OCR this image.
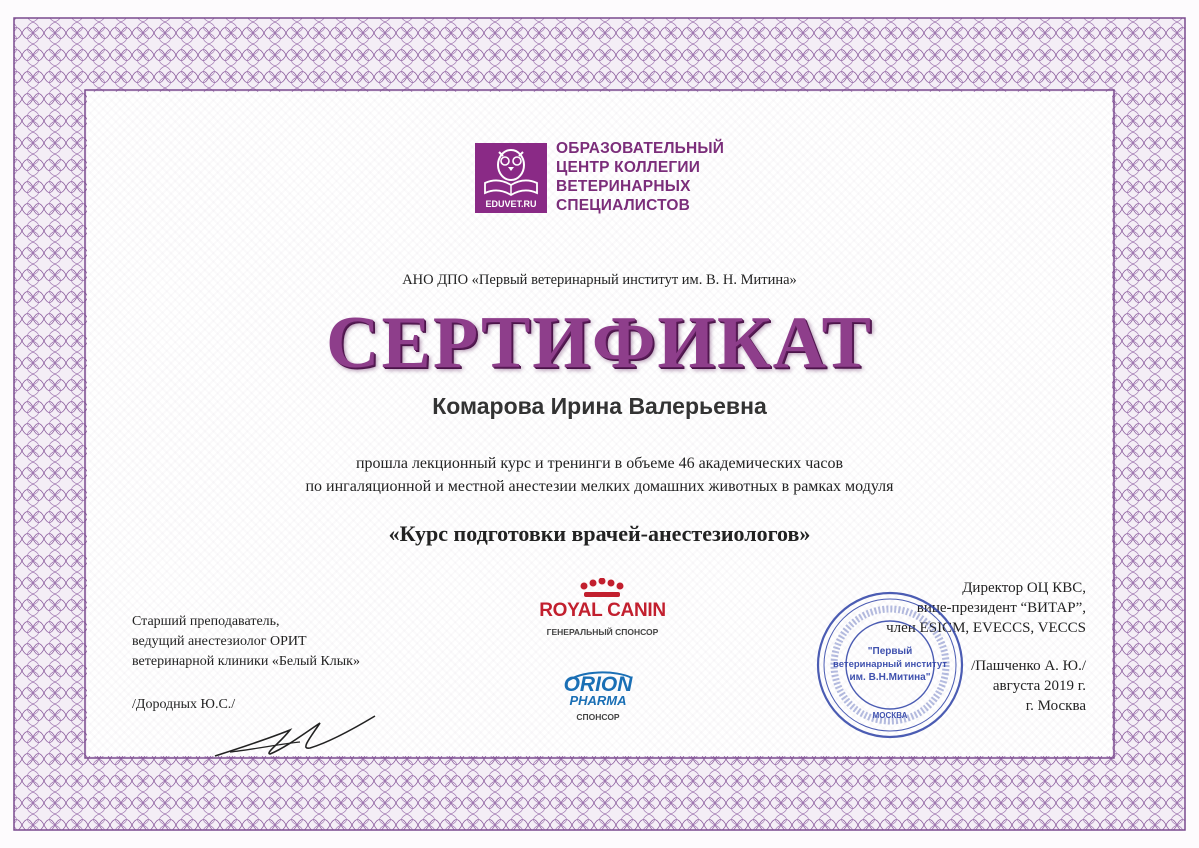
EDUVET.RU
ОБРАЗОВАТЕЛЬНЫЙ
ЦЕНТР КОЛЛЕГИИ
ВЕТЕРИНАРНЫХ
СПЕЦИАЛИСТОВ
АНО ДПО «Первый ветеринарный институт им. В. Н. Митина»
СЕРТИФИКАТ
Комарова Ирина Валерьевна
прошла лекционный курс и тренинги в объеме 46 академических часов
по ингаляционной и местной анестезии мелких домашних животных в рамках модуля
«Курс подготовки врачей-анестезиологов»
Старший преподаватель,
ведущий анестезиолог ОРИТ
ветеринарной клиники «Белый Клык»
/Дородных Ю.С./
ROYAL CANIN
ГЕНЕРАЛЬНЫЙ СПОНСОР
ORION
PHARMA
СПОНСОР
Директор ОЦ КВС,
вице-президент “ВИТАР”,
член ESICM, EVECCS, VECCS
/Пашченко А. Ю./
августа 2019 г.
г. Москва
"Первый
ветеринарный институт
им. В.Н.Митина"
МОСКВА
